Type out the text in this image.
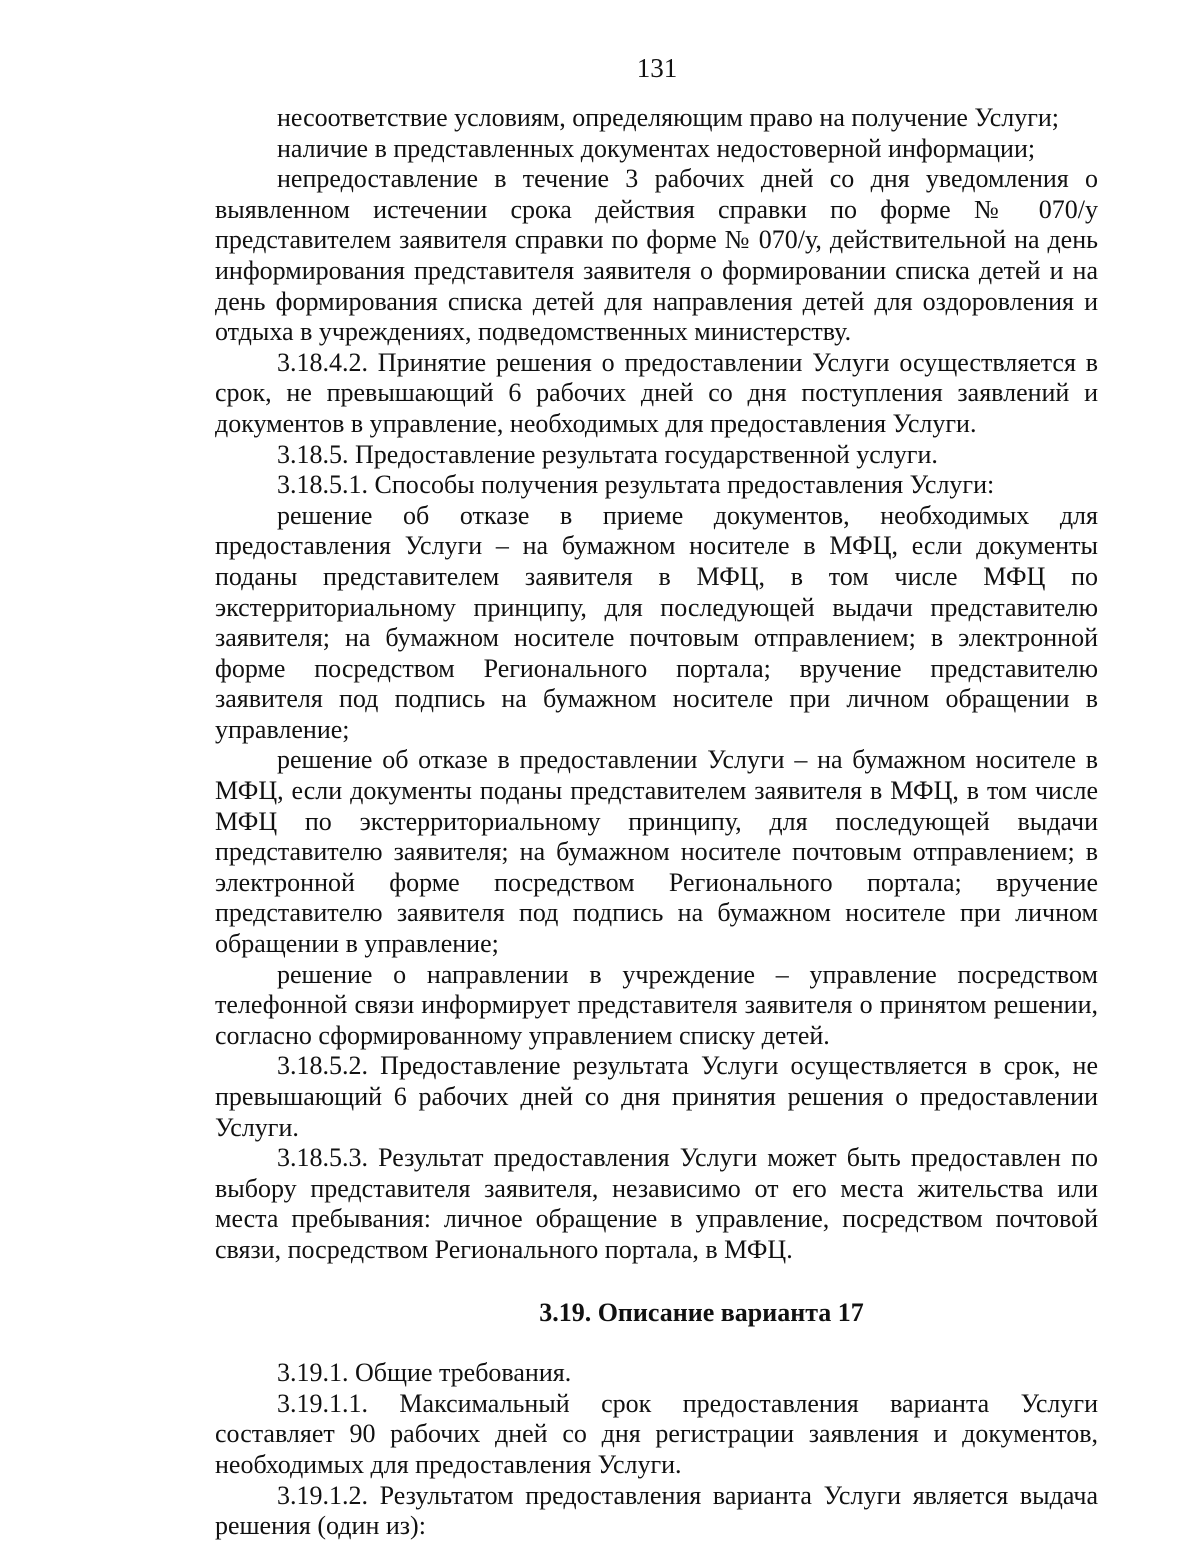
131

несоответствие условиям, определяющим право на получение Услуги;

наличие в представленных документах недостоверной информации;

непредоставление в течение 3 рабочих дней со дня уведомления о выявленном истечении срока действия справки по форме № 070/у представителем заявителя справки по форме № 070/у, действительной на день информирования представителя заявителя о формировании списка детей и на день формирования списка детей для направления детей для оздоровления и отдыха в учреждениях, подведомственных министерству.

3.18.4.2. Принятие решения о предоставлении Услуги осуществляется в срок, не превышающий 6 рабочих дней со дня поступления заявлений и документов в управление, необходимых для предоставления Услуги.

3.18.5. Предоставление результата государственной услуги.

3.18.5.1. Способы получения результата предоставления Услуги:

решение об отказе в приеме документов, необходимых для предоставления Услуги – на бумажном носителе в МФЦ, если документы поданы представителем заявителя в МФЦ, в том числе МФЦ по экстерриториальному принципу, для последующей выдачи представителю заявителя; на бумажном носителе почтовым отправлением; в электронной форме посредством Регионального портала; вручение представителю заявителя под подпись на бумажном носителе при личном обращении в управление;

решение об отказе в предоставлении Услуги – на бумажном носителе в МФЦ, если документы поданы представителем заявителя в МФЦ, в том числе МФЦ по экстерриториальному принципу, для последующей выдачи представителю заявителя; на бумажном носителе почтовым отправлением; в электронной форме посредством Регионального портала; вручение представителю заявителя под подпись на бумажном носителе при личном обращении в управление;

решение о направлении в учреждение – управление посредством телефонной связи информирует представителя заявителя о принятом решении, согласно сформированному управлением списку детей.

3.18.5.2. Предоставление результата Услуги осуществляется в срок, не превышающий 6 рабочих дней со дня принятия решения о предоставлении Услуги.

3.18.5.3. Результат предоставления Услуги может быть предоставлен по выбору представителя заявителя, независимо от его места жительства или места пребывания: личное обращение в управление, посредством почтовой связи, посредством Регионального портала, в МФЦ.

3.19. Описание варианта 17

3.19.1. Общие требования.

3.19.1.1. Максимальный срок предоставления варианта Услуги составляет 90 рабочих дней со дня регистрации заявления и документов, необходимых для предоставления Услуги.

3.19.1.2. Результатом предоставления варианта Услуги является выдача решения (один из):
